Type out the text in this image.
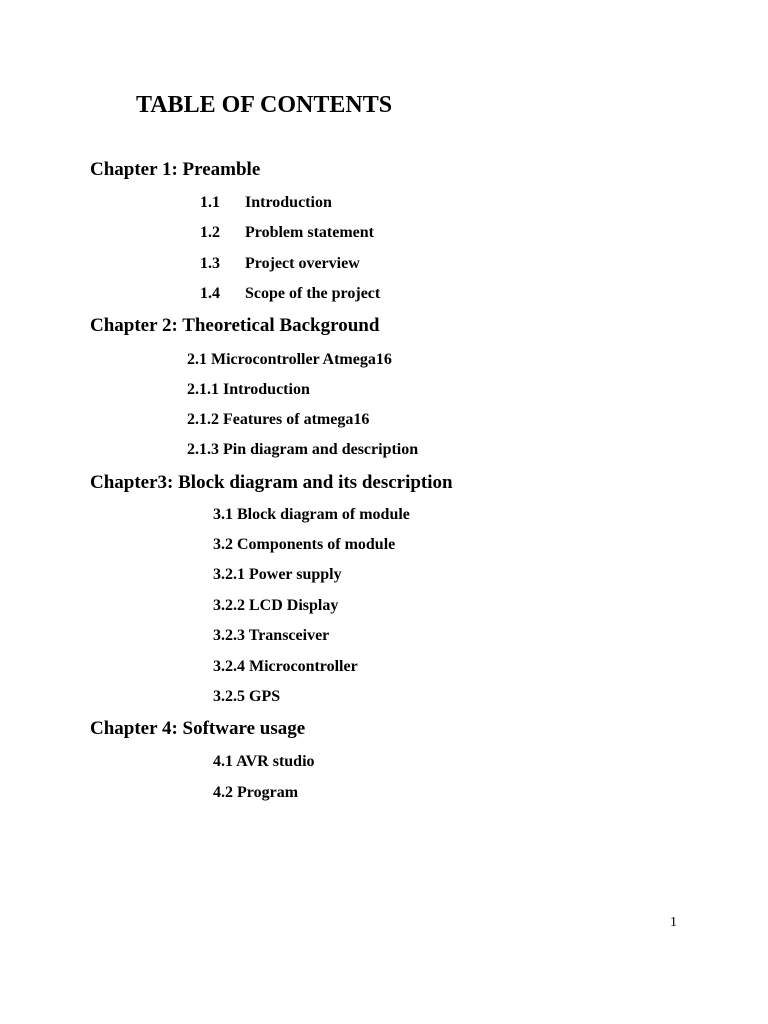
TABLE OF CONTENTS
Chapter 1: Preamble
1.1 Introduction
1.2 Problem statement
1.3 Project overview
1.4 Scope of the project
Chapter 2: Theoretical Background
2.1 Microcontroller Atmega16
2.1.1 Introduction
2.1.2 Features of atmega16
2.1.3 Pin diagram and description
Chapter3: Block diagram and its description
3.1 Block diagram of module
3.2 Components of module
3.2.1 Power supply
3.2.2 LCD Display
3.2.3 Transceiver
3.2.4 Microcontroller
3.2.5 GPS
Chapter 4: Software usage
4.1 AVR studio
4.2 Program
1
